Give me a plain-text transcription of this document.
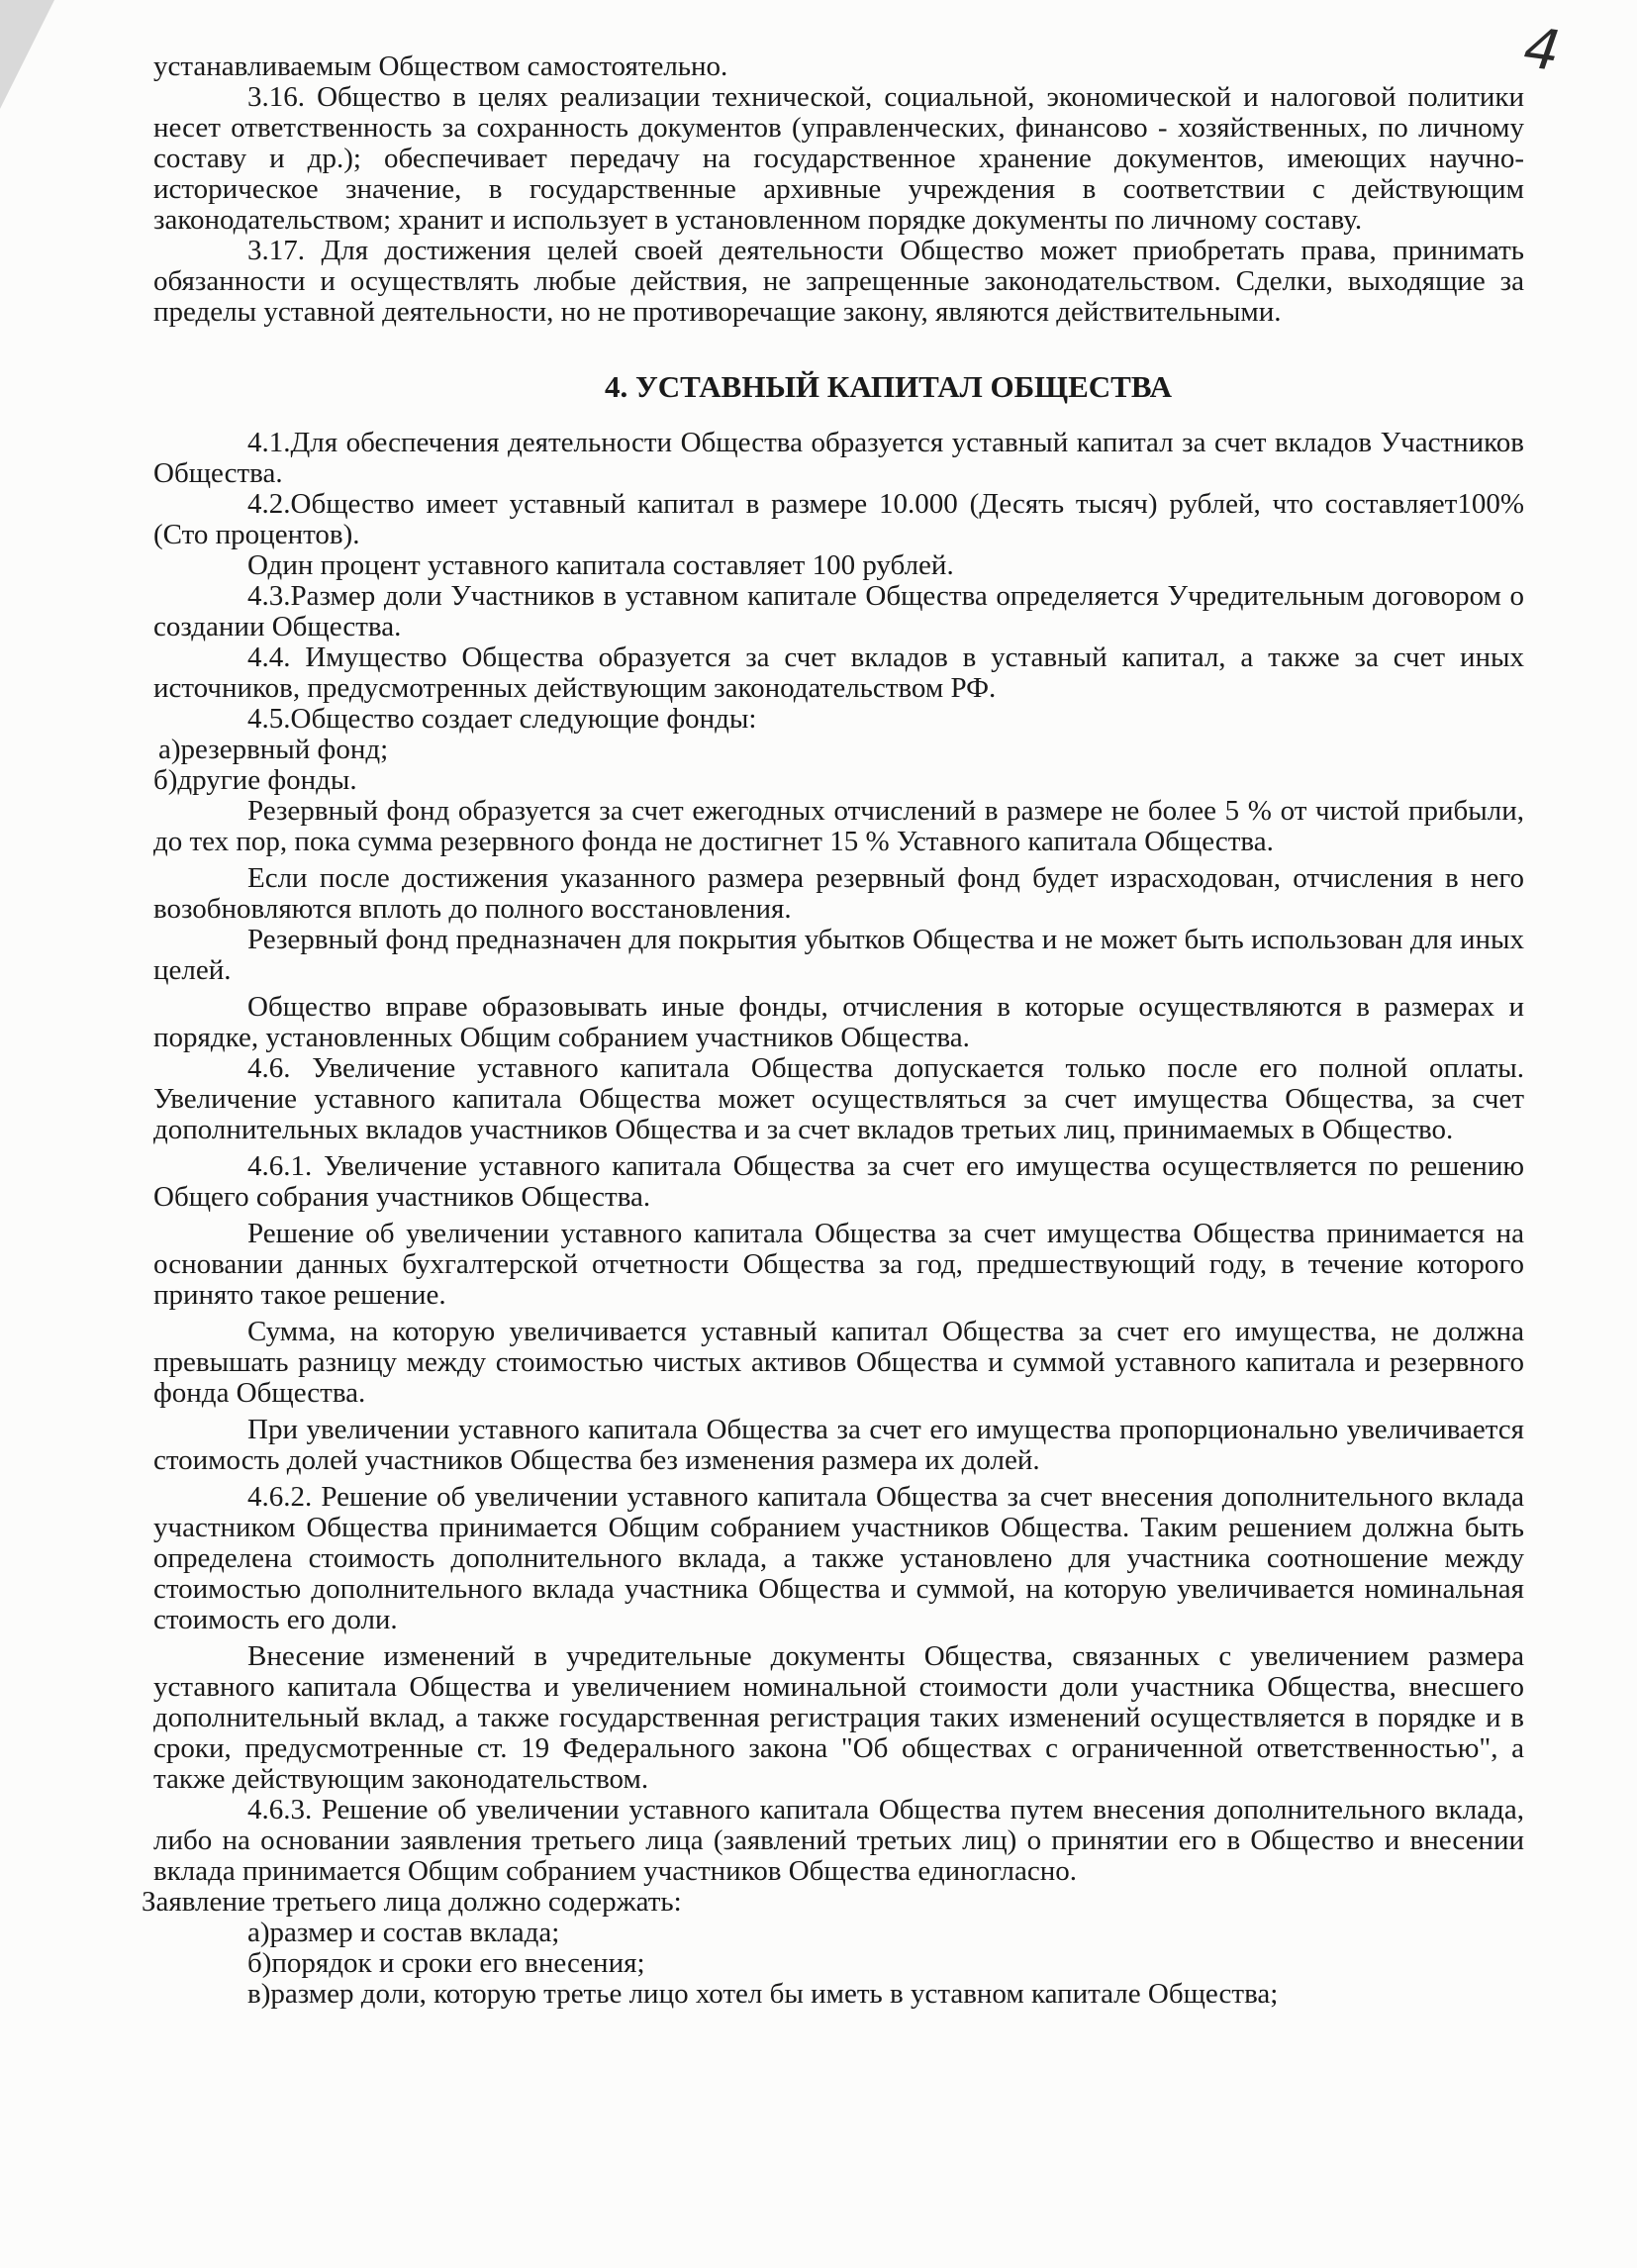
4

устанавливаемым Обществом самостоятельно.

3.16. Общество в целях реализации технической, социальной, экономической и налоговой политики несет ответственность за сохранность документов (управленческих, финансово - хозяйственных, по личному составу и др.); обеспечивает передачу на государственное хранение документов, имеющих научно-историческое значение, в государственные архивные учреждения в соответствии с действующим законодательством; хранит и использует в установленном порядке документы по личному составу.

3.17. Для достижения целей своей деятельности Общество может приобретать права, принимать обязанности и осуществлять любые действия, не запрещенные законодательством. Сделки, выходящие за пределы уставной деятельности, но не противоречащие закону, являются действительными.

4. УСТАВНЫЙ КАПИТАЛ ОБЩЕСТВА

4.1.Для обеспечения деятельности Общества образуется уставный капитал за счет вкладов Участников Общества.

4.2.Общество имеет уставный капитал в размере 10.000 (Десять тысяч) рублей, что составляет100% (Сто процентов).

Один процент уставного капитала составляет 100 рублей.

4.3.Размер доли Участников в уставном капитале Общества определяется Учредительным договором о создании Общества.

4.4. Имущество Общества образуется за счет вкладов в уставный капитал, а также за счет иных источников, предусмотренных действующим законодательством РФ.

4.5.Общество создает следующие фонды:

а)резервный фонд;

б)другие фонды.

Резервный фонд образуется за счет ежегодных отчислений в размере не более 5 % от чистой прибыли, до тех пор, пока сумма резервного фонда не достигнет 15 % Уставного капитала Общества.

Если после достижения указанного размера резервный фонд будет израсходован, отчисления в него возобновляются вплоть до полного восстановления.

Резервный фонд предназначен для покрытия убытков Общества и не может быть использован для иных целей.

Общество вправе образовывать иные фонды, отчисления в которые осуществляются в размерах и порядке, установленных Общим собранием участников Общества.

4.6. Увеличение уставного капитала Общества допускается только после его полной оплаты. Увеличение уставного капитала Общества может осуществляться за счет имущества Общества, за счет дополнительных вкладов участников Общества и за счет вкладов третьих лиц, принимаемых в Общество.

4.6.1. Увеличение уставного капитала Общества за счет его имущества осуществляется по решению Общего собрания участников Общества.

Решение об увеличении уставного капитала Общества за счет имущества Общества принимается на основании данных бухгалтерской отчетности Общества за год, предшествующий году, в течение которого принято такое решение.

Сумма, на которую увеличивается уставный капитал Общества за счет его имущества, не должна превышать разницу между стоимостью чистых активов Общества и суммой уставного капитала и резервного фонда Общества.

При увеличении уставного капитала Общества за счет его имущества пропорционально увеличивается стоимость долей участников Общества без изменения размера их долей.

4.6.2. Решение об увеличении уставного капитала Общества за счет внесения дополнительного вклада участником Общества принимается Общим собранием участников Общества. Таким решением должна быть определена стоимость дополнительного вклада, а также установлено для участника соотношение между стоимостью дополнительного вклада участника Общества и суммой, на которую увеличивается номинальная стоимость его доли.

Внесение изменений в учредительные документы Общества, связанных с увеличением размера уставного капитала Общества и увеличением номинальной стоимости доли участника Общества, внесшего дополнительный вклад, а также государственная регистрация таких изменений осуществляется в порядке и в сроки, предусмотренные ст. 19 Федерального закона "Об обществах с ограниченной ответственностью", а также действующим законодательством.

4.6.3. Решение об увеличении уставного капитала Общества путем внесения дополнительного вклада, либо на основании заявления третьего лица (заявлений третьих лиц) о принятии его в Общество и внесении вклада принимается Общим собранием участников Общества единогласно.

Заявление третьего лица должно содержать:

а)размер и состав вклада;

б)порядок и сроки его внесения;

в)размер доли, которую третье лицо хотел бы иметь в уставном капитале Общества;
